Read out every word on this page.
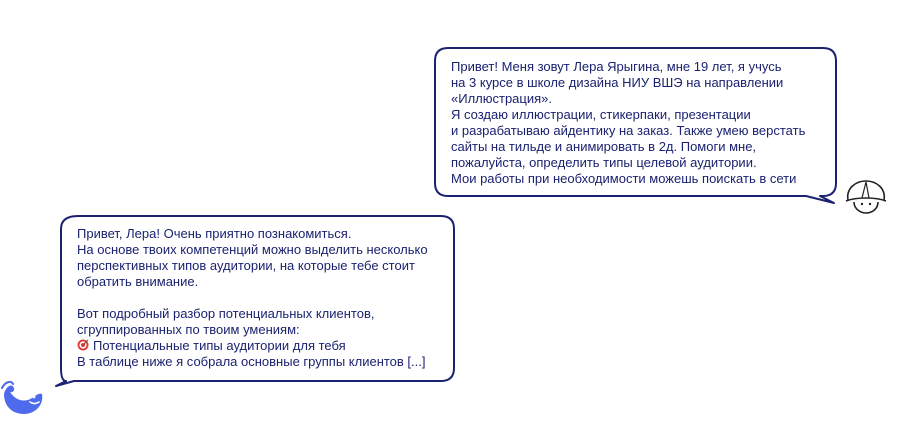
Привет! Меня зовут Лера Ярыгина, мне 19 лет, я учусь
на 3 курсе в школе дизайна НИУ ВШЭ на направлении
«Иллюстрация».
Я создаю иллюстрации, стикерпаки, презентации
и разрабатываю айдентику на заказ. Также умею верстать
сайты на тильде и анимировать в 2д. Помоги мне,
пожалуйста, определить типы целевой аудитории.
Мои работы при необходимости можешь поискать в сети
Привет, Лера! Очень приятно познакомиться.
На основе твоих компетенций можно выделить несколько
перспективных типов аудитории, на которые тебе стоит
обратить внимание.
Вот подробный разбор потенциальных клиентов,
сгруппированных по твоим умениям:
Потенциальные типы аудитории для тебя
В таблице ниже я собрала основные группы клиентов [...]
